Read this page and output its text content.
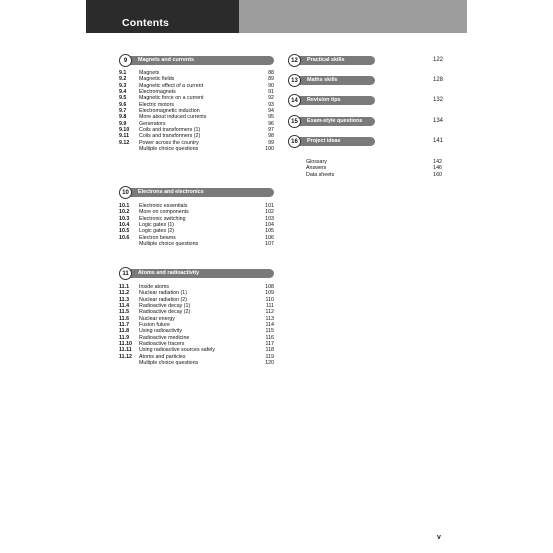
Contents
9	Magnets and currents
9.1 Magnets	88
9.2 Magnetic fields	89
9.3 Magnetic effect of a current	90
9.4 Electromagnets	91
9.5 Magnetic force on a current	92
9.6 Electric motors	93
9.7 Electromagnetic induction	94
9.8 More about induced currents	95
9.9 Generators	96
9.10 Coils and transformers (1)	97
9.11 Coils and transformers (2)	98
9.12 Power across the country	99
Multiple choice questions	100
10	Electrons and electronics
10.1 Electronic essentials	101
10.2 More on components	102
10.3 Electronic switching	103
10.4 Logic gates (1)	104
10.5 Logic gates (2)	105
10.6 Electron beams	106
Multiple choice questions	107
11	Atoms and radioactivity
11.1 Inside atoms	108
11.2 Nuclear radiation (1)	109
11.3 Nuclear radiation (2)	110
11.4 Radioactive decay (1)	111
11.5 Radioactive decay (2)	112
11.6 Nuclear energy	113
11.7 Fusion future	114
11.8 Using radioactivity	115
11.9 Radioactive medicine	116
11.10 Radioactive tracers	117
11.11 Using radioactive sources safely	118
11.12 Atoms and particles	119
Multiple choice questions	120
12	Practical skills	122
13	Maths skills	128
14	Revision tips	132
15	Exam-style questions	134
16	Project ideas	141
Glossary	142
Answers	146
Data sheets	160
v
